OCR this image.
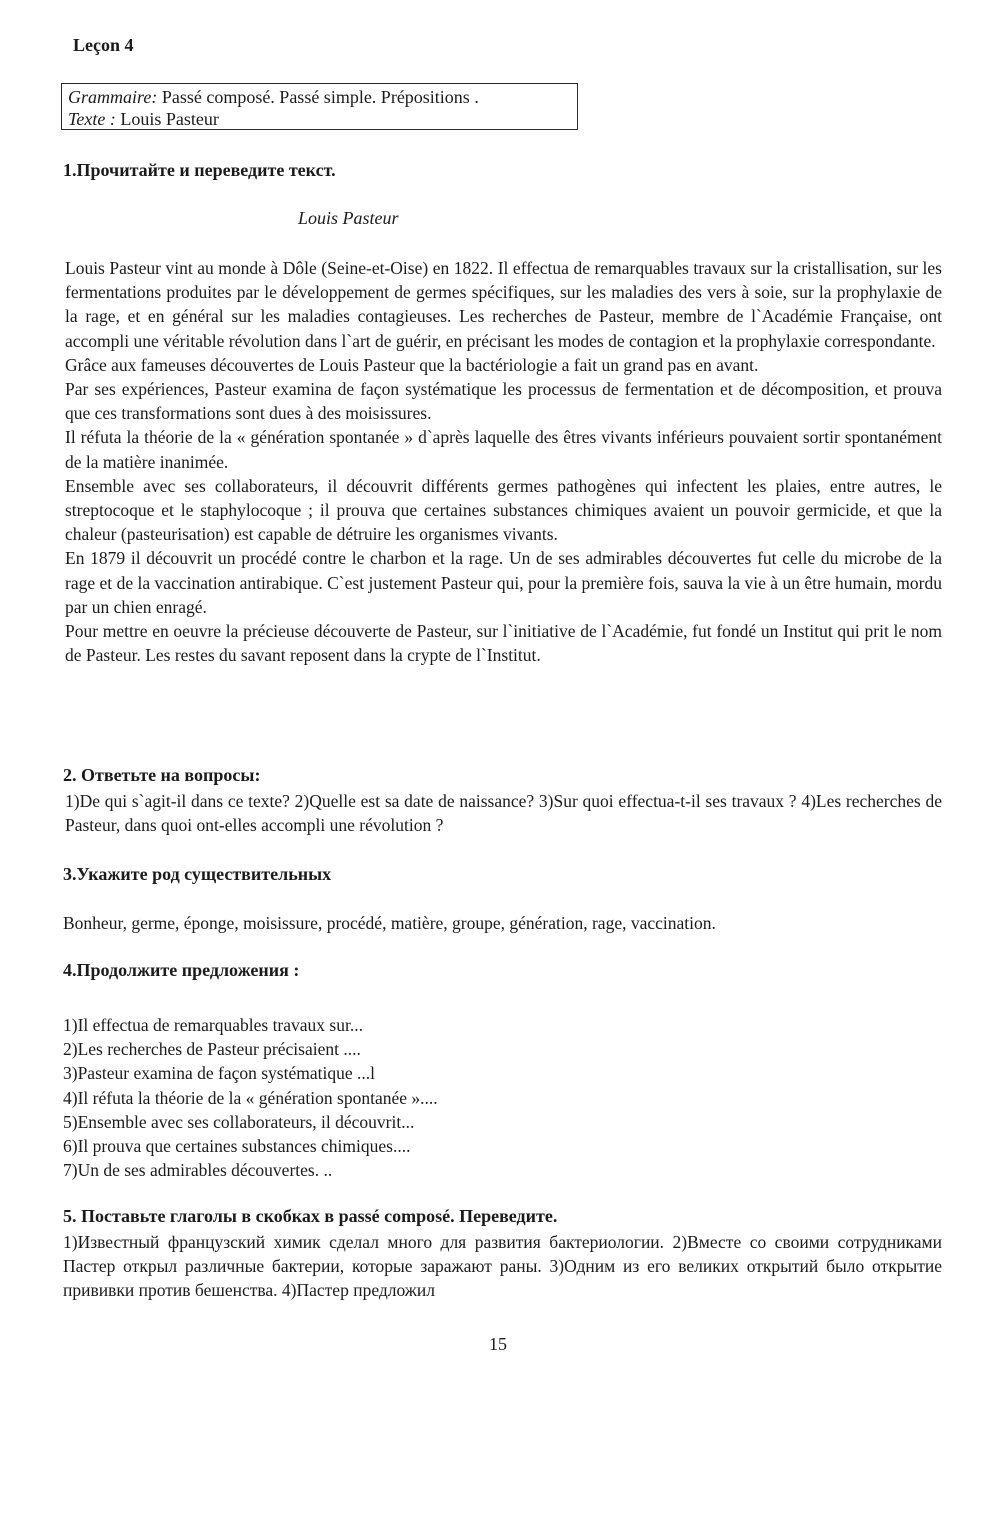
Leçon 4
Grammaire: Passé composé. Passé simple. Prépositions .
Texte : Louis Pasteur
1.Прочитайте и переведите текст.
Louis Pasteur

Louis Pasteur vint au monde à Dôle (Seine-et-Oise) en 1822. Il effectua de remarquables travaux sur la cristallisation, sur les fermentations produites par le développement de germes spécifiques, sur les maladies des vers à soie, sur la prophylaxie de la rage, et en général sur les maladies contagieuses. Les recherches de Pasteur, membre de l`Académie Française, ont accompli une véritable révolution dans l`art de guérir, en précisant les modes de contagion et la prophylaxie correspondante.

Grâce aux fameuses découvertes de Louis Pasteur que la bactériologie a fait un grand pas en avant.

Par ses expériences, Pasteur examina de façon systématique les processus de fermentation et de décomposition, et prouva que ces transformations sont dues à des moisissures.

Il réfuta la théorie de la « génération spontanée » d`après laquelle des êtres vivants inférieurs pouvaient sortir spontanément de la matière inanimée.

Ensemble avec ses collaborateurs, il découvrit différents germes pathogènes qui infectent les plaies, entre autres, le streptocoque et le staphylocoque ; il prouva que certaines substances chimiques avaient un pouvoir germicide, et que la chaleur (pasteurisation) est capable de détruire les organismes vivants.

En 1879 il découvrit un procédé contre le charbon et la rage. Un de ses admirables découvertes fut celle du microbe de la rage et de la vaccination antirabique. C`est justement Pasteur qui, pour la première fois, sauva la vie à un être humain, mordu par un chien enragé.

Pour mettre en oeuvre la précieuse découverte de Pasteur, sur l`initiative de l`Académie, fut fondé un Institut qui prit le nom de Pasteur. Les restes du savant reposent dans la crypte de l`Institut.

2. Ответьте на вопросы:
1)De qui s`agit-il dans ce texte? 2)Quelle est sa date de naissance? 3)Sur quoi effectua-t-il ses travaux ? 4)Les recherches de Pasteur, dans quoi ont-elles accompli une révolution ?
3.Укажите род существительных
Bonheur, germe, éponge, moisissure, procédé, matière, groupe, génération, rage, vaccination.
4.Продолжите предложения :
1)Il effectua de remarquables travaux sur...
2)Les recherches de Pasteur précisaient ....
3)Pasteur examina de façon systématique ...l
4)Il réfuta la théorie de la « génération spontanée »....
5)Ensemble avec ses collaborateurs, il découvrit...
6)Il prouva que certaines substances chimiques....
7)Un de ses admirables découvertes. ..
5. Поставьте глаголы в скобках в passé composé. Переведите.
1)Известный французский химик сделал много для развития бактериологии. 2)Вместе со своими сотрудниками Пастер открыл различные бактерии, которые заражают раны. 3)Одним из его великих открытий было открытие прививки против бешенства. 4)Пастер предложил
15
